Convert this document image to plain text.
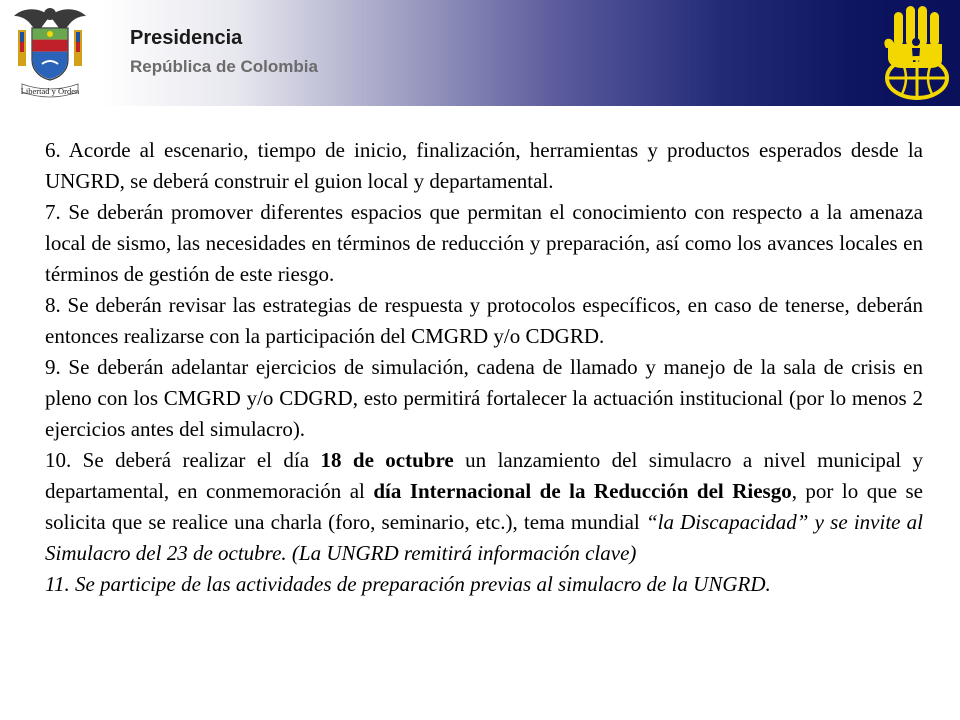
Libertad y Orden
Presidencia
República de Colombia

6. Acorde al escenario, tiempo de inicio, finalización, herramientas y productos esperados desde la UNGRD, se deberá construir el guion local y departamental.

7. Se deberán promover diferentes espacios que permitan el conocimiento con respecto a la amenaza local de sismo, las necesidades en términos de reducción y preparación, así como los avances locales en términos de gestión de este riesgo.

8. Se deberán revisar las estrategias de respuesta y protocolos específicos, en caso de tenerse, deberán entonces realizarse con la participación del CMGRD y/o CDGRD.

9. Se deberán adelantar ejercicios de simulación, cadena de llamado y manejo de la sala de crisis en pleno con los CMGRD y/o CDGRD, esto permitirá fortalecer la actuación institucional (por lo menos 2 ejercicios antes del simulacro).

10. Se deberá realizar el día 18 de octubre un lanzamiento del simulacro a nivel municipal y departamental, en conmemoración al día Internacional de la Reducción del Riesgo, por lo que se solicita que se realice una charla (foro, seminario, etc.), tema mundial “la Discapacidad” y se invite al Simulacro del 23 de octubre. (La UNGRD remitirá información clave)

11. Se participe de las actividades de preparación previas al simulacro de la UNGRD.
